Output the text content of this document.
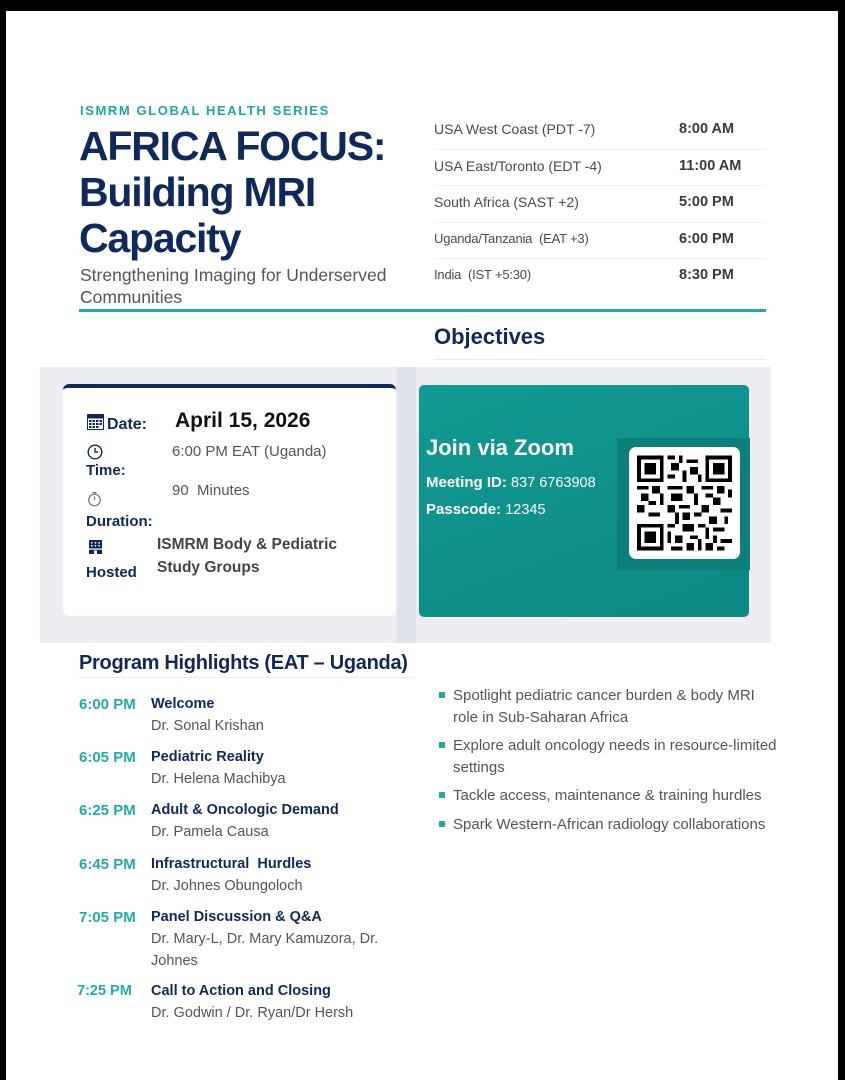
ISMRM GLOBAL HEALTH SERIES
AFRICA FOCUS:
Building MRI
Capacity
Strengthening Imaging for Underserved Communities
USA West Coast (PDT -7)	8:00 AM
USA East/Toronto (EDT -4)	11:00 AM
South Africa (SAST +2)	5:00 PM
Uganda/Tanzania  (EAT +3)	6:00 PM
India  (IST +5:30)	8:30 PM
Objectives
Date: April 15, 2026
Time:
6:00 PM EAT (Uganda)
Duration:
90  Minutes
Hosted
ISMRM Body & Pediatric Study Groups
Join via Zoom
Meeting ID: 837 6763908
Passcode: 12345
Program Highlights (EAT – Uganda)
6:00 PM Welcome
Dr. Sonal Krishan
6:05 PM Pediatric Reality
Dr. Helena Machibya
6:25 PM Adult & Oncologic Demand
Dr. Pamela Causa
6:45 PM Infrastructural  Hurdles
Dr. Johnes Obungoloch
7:05 PM Panel Discussion & Q&A
Dr. Mary-L, Dr. Mary Kamuzora, Dr. Johnes
7:25 PM Call to Action and Closing
Dr. Godwin / Dr. Ryan/Dr Hersh
Spotlight pediatric cancer burden & body MRI role in Sub-Saharan Africa
Explore adult oncology needs in resource-limited settings
Tackle access, maintenance & training hurdles
Spark Western-African radiology collaborations
